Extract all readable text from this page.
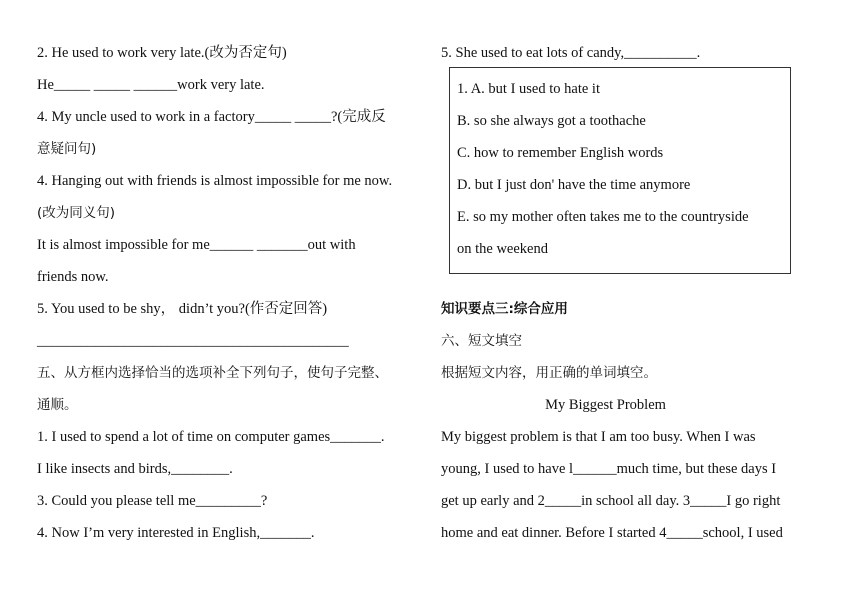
2. He used to work very late.(改为否定句)
He_____ _____ ______work very late.
4. My uncle used to work in a factory_____ _____?(完成反
意疑问句)
4. Hanging out with friends is almost impossible for me now.
(改为同义句)
It is almost impossible for me______ _______out with
friends now.
5. You used to be shy， didn’t you?(作否定回答)
___________________________________________
五、从方框内选择恰当的选项补全下列句子，使句子完整、
通顺。
1. I used to spend a lot of time on computer games_______.
I like insects and birds,________.
3. Could you please tell me_________?
4. Now I’m very interested in English,_______.
5. She used to eat lots of candy,__________.
1. A. but I used to hate it
B. so she always got a toothache
C. how to remember English words
D. but I just don' have the time anymore
E. so my mother often takes me to the countryside
on the weekend
知识要点三:综合应用
六、短文填空
根据短文内容，用正确的单词填空。
My Biggest Problem
My biggest problem is that I am too busy. When I was
young, I used to have l______much time, but these days I
get up early and 2_____in school all day. 3_____I go right
home and eat dinner. Before I started 4_____school, I used
